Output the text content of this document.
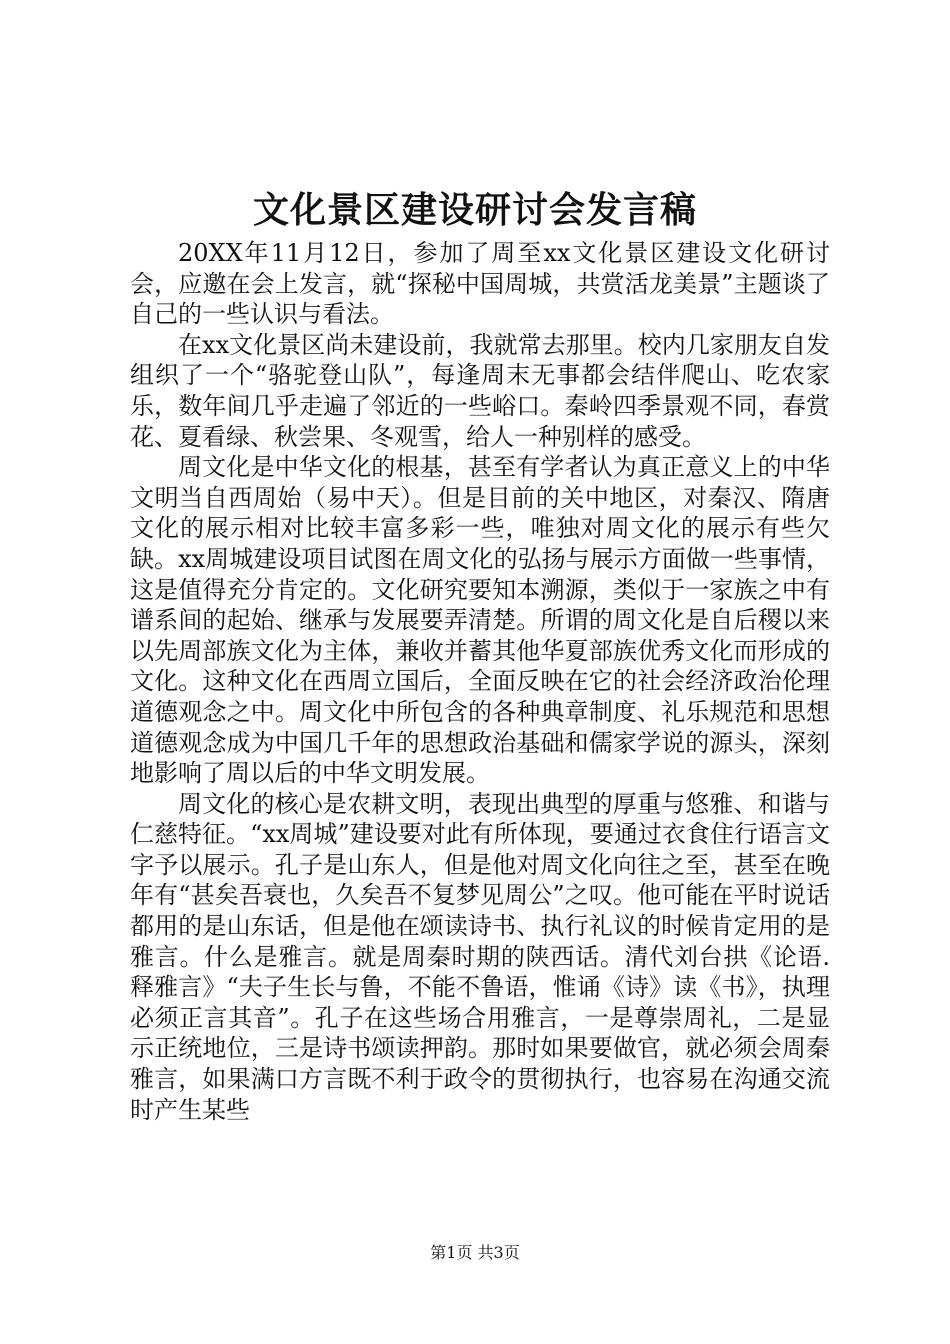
文化景区建设研讨会发言稿

20XX年11月12日，参加了周至xx文化景区建设文化研讨会，应邀在会上发言，就“探秘中国周城，共赏活龙美景”主题谈了自己的一些认识与看法。

在xx文化景区尚未建设前，我就常去那里。校内几家朋友自发组织了一个“骆驼登山队”，每逢周末无事都会结伴爬山、吃农家乐，数年间几乎走遍了邻近的一些峪口。秦岭四季景观不同，春赏花、夏看绿、秋尝果、冬观雪，给人一种别样的感受。

周文化是中华文化的根基，甚至有学者认为真正意义上的中华文明当自西周始（易中天）。但是目前的关中地区，对秦汉、隋唐文化的展示相对比较丰富多彩一些，唯独对周文化的展示有些欠缺。xx周城建设项目试图在周文化的弘扬与展示方面做一些事情，这是值得充分肯定的。文化研究要知本溯源，类似于一家族之中有谱系间的起始、继承与发展要弄清楚。所谓的周文化是自后稷以来以先周部族文化为主体，兼收并蓄其他华夏部族优秀文化而形成的文化。这种文化在西周立国后，全面反映在它的社会经济政治伦理道德观念之中。周文化中所包含的各种典章制度、礼乐规范和思想道德观念成为中国几千年的思想政治基础和儒家学说的源头，深刻地影响了周以后的中华文明发展。

周文化的核心是农耕文明，表现出典型的厚重与悠雅、和谐与仁慈特征。“xx周城”建设要对此有所体现，要通过衣食住行语言文字予以展示。孔子是山东人，但是他对周文化向往之至，甚至在晚年有“甚矣吾衰也，久矣吾不复梦见周公”之叹。他可能在平时说话都用的是山东话，但是他在颂读诗书、执行礼议的时候肯定用的是雅言。什么是雅言。就是周秦时期的陕西话。清代刘台拱《论语.释雅言》“夫子生长与鲁，不能不鲁语，惟诵《诗》读《书》，执理必须正言其音”。孔子在这些场合用雅言，一是尊崇周礼，二是显示正统地位，三是诗书颂读押韵。那时如果要做官，就必须会周秦雅言，如果满口方言既不利于政令的贯彻执行，也容易在沟通交流时产生某些

第1页 共3页
